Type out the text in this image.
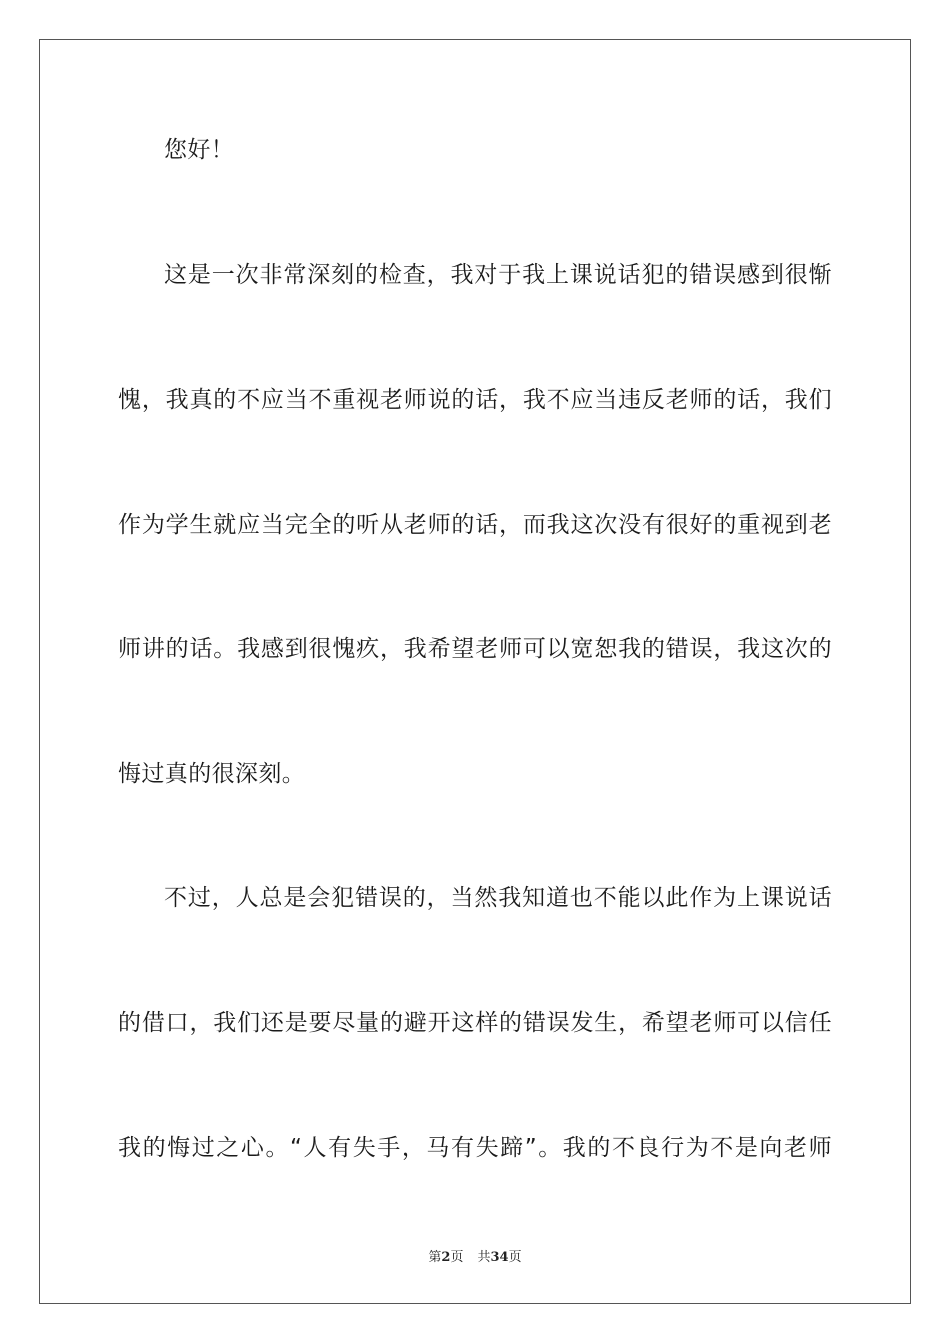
您好！
这是一次非常深刻的检查，我对于我上课说话犯的错误感到很惭
愧，我真的不应当不重视老师说的话，我不应当违反老师的话，我们
作为学生就应当完全的听从老师的话，而我这次没有很好的重视到老
师讲的话。我感到很愧疚，我希望老师可以宽恕我的错误，我这次的
悔过真的很深刻。
不过，人总是会犯错误的，当然我知道也不能以此作为上课说话
的借口，我们还是要尽量的避开这样的错误发生，希望老师可以信任
我的悔过之心。“人有失手，马有失蹄”。我的不良行为不是向老师
第2页 共34页
